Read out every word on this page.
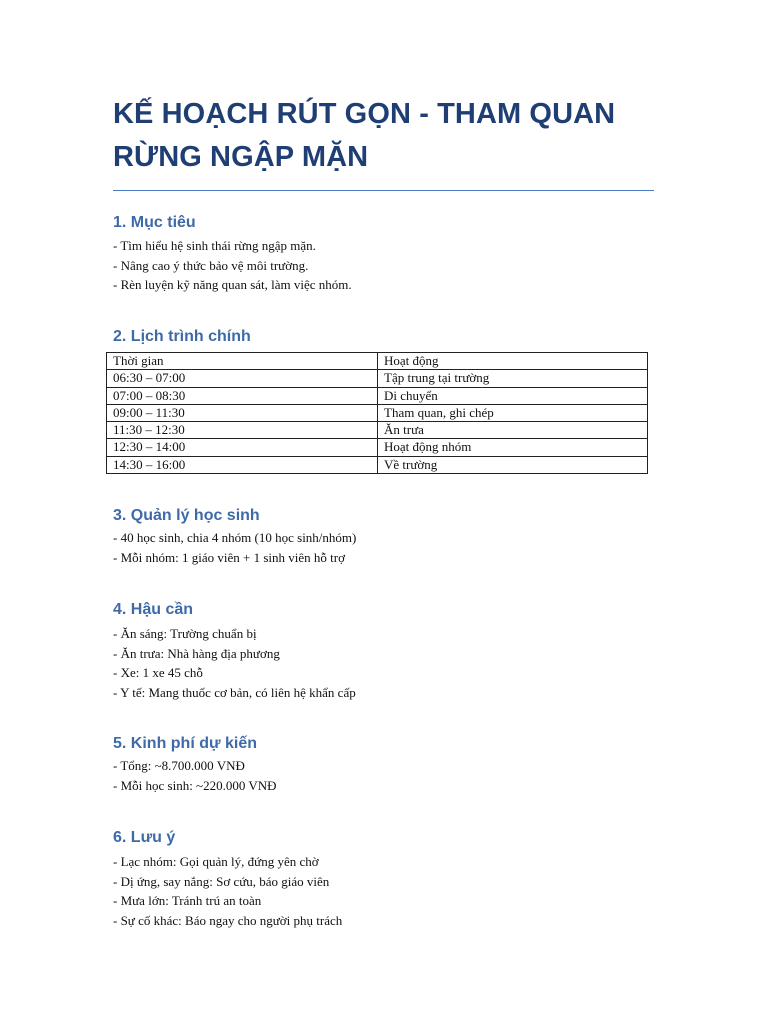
KẾ HOẠCH RÚT GỌN - THAM QUAN RỪNG NGẬP MẶN
1. Mục tiêu

- Tìm hiểu hệ sinh thái rừng ngập mặn.

- Nâng cao ý thức bảo vệ môi trường.

- Rèn luyện kỹ năng quan sát, làm việc nhóm.

2. Lịch trình chính
Thời gian	Hoạt động
06:30 – 07:00	Tập trung tại trường
07:00 – 08:30	Di chuyển
09:00 – 11:30	Tham quan, ghi chép
11:30 – 12:30	Ăn trưa
12:30 – 14:00	Hoạt động nhóm
14:30 – 16:00	Về trường
3. Quản lý học sinh

- 40 học sinh, chia 4 nhóm (10 học sinh/nhóm)

- Mỗi nhóm: 1 giáo viên + 1 sinh viên hỗ trợ

4. Hậu cần

- Ăn sáng: Trường chuẩn bị

- Ăn trưa: Nhà hàng địa phương

- Xe: 1 xe 45 chỗ

- Y tế: Mang thuốc cơ bản, có liên hệ khẩn cấp

5. Kinh phí dự kiến

- Tổng: ~8.700.000 VNĐ

- Mỗi học sinh: ~220.000 VNĐ

6. Lưu ý

- Lạc nhóm: Gọi quản lý, đứng yên chờ

- Dị ứng, say nắng: Sơ cứu, báo giáo viên

- Mưa lớn: Tránh trú an toàn

- Sự cố khác: Báo ngay cho người phụ trách
